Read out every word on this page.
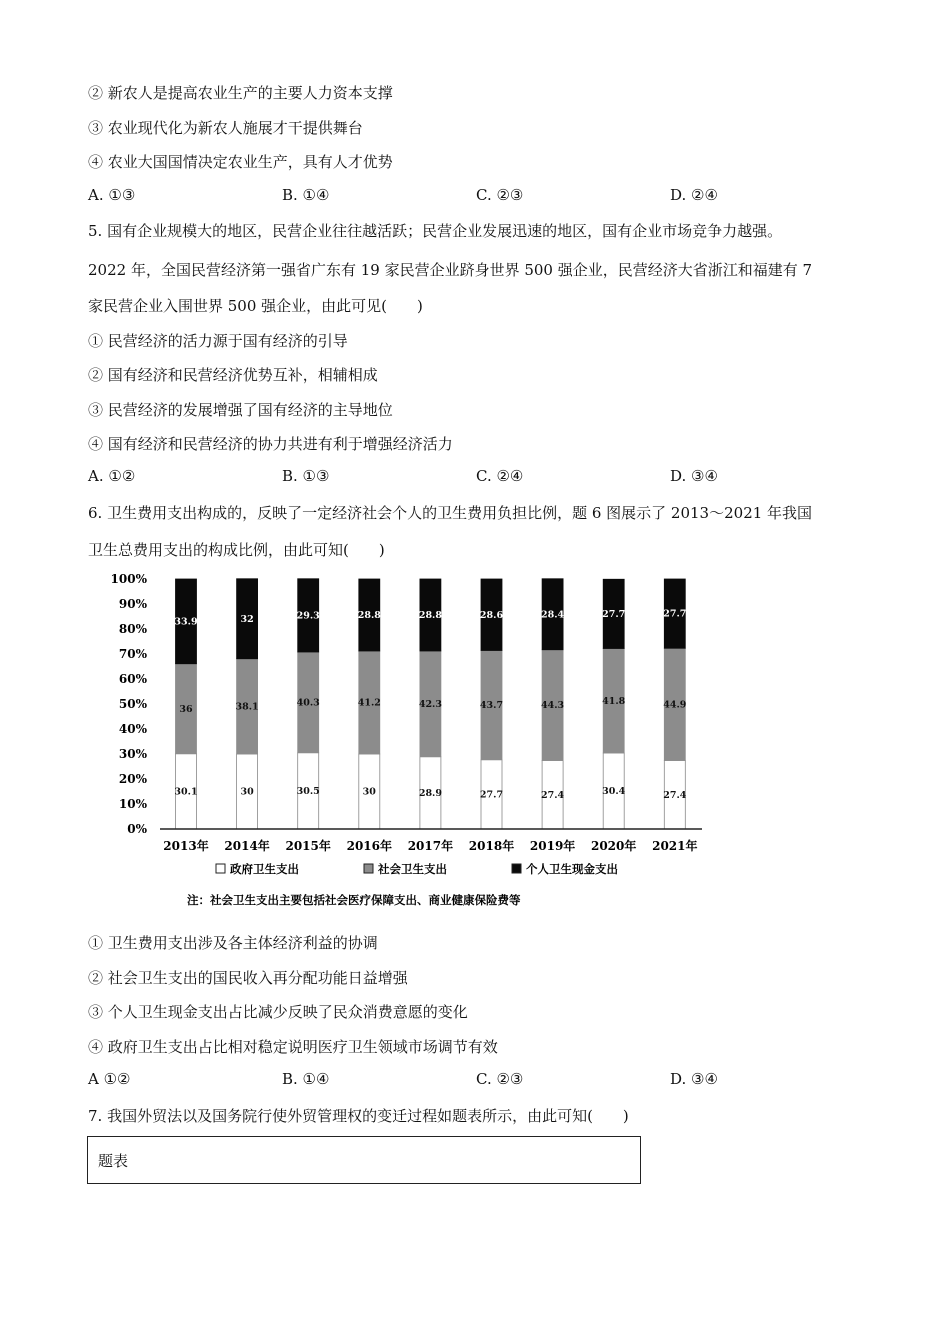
② 新农人是提高农业生产的主要人力资本支撑
③ 农业现代化为新农人施展才干提供舞台
④ 农业大国国情决定农业生产，具有人才优势
A. ①③	B. ①④	C. ②③	D. ②④
5. 国有企业规模大的地区，民营企业往往越活跃；民营企业发展迅速的地区，国有企业市场竞争力越强。
2022 年，全国民营经济第一强省广东有 19 家民营企业跻身世界 500 强企业，民营经济大省浙江和福建有 7
家民营企业入围世界 500 强企业，由此可见(　　)
① 民营经济的活力源于国有经济的引导
② 国有经济和民营经济优势互补，相辅相成
③ 民营经济的发展增强了国有经济的主导地位
④ 国有经济和民营经济的协力共进有利于增强经济活力
A. ①②	B. ①③	C. ②④	D. ③④
6. 卫生费用支出构成的，反映了一定经济社会个人的卫生费用负担比例，题 6 图展示了 2013～2021 年我国
卫生总费用支出的构成比例，由此可知(　　)
0%
10%
20%
30%
40%
50%
60%
70%
80%
90%
100%
30.1
36
33.9
30
38.1
32
30.5
40.3
29.3
30
41.2
28.8
28.9
42.3
28.8
27.7
43.7
28.6
27.4
44.3
28.4
30.4
41.8
27.7
27.4
44.9
27.7
2013年 2014年 2015年 2016年 2017年 2018年 2019年 2020年 2021年
政府卫生支出	社会卫生支出	个人卫生现金支出
注：社会卫生支出主要包括社会医疗保障支出、商业健康保险费等
① 卫生费用支出涉及各主体经济利益的协调
② 社会卫生支出的国民收入再分配功能日益增强
③ 个人卫生现金支出占比减少反映了民众消费意愿的变化
④ 政府卫生支出占比相对稳定说明医疗卫生领域市场调节有效
A ①②	B. ①④	C. ②③	D. ③④
7. 我国外贸法以及国务院行使外贸管理权的变迁过程如题表所示，由此可知(　　)
题表
